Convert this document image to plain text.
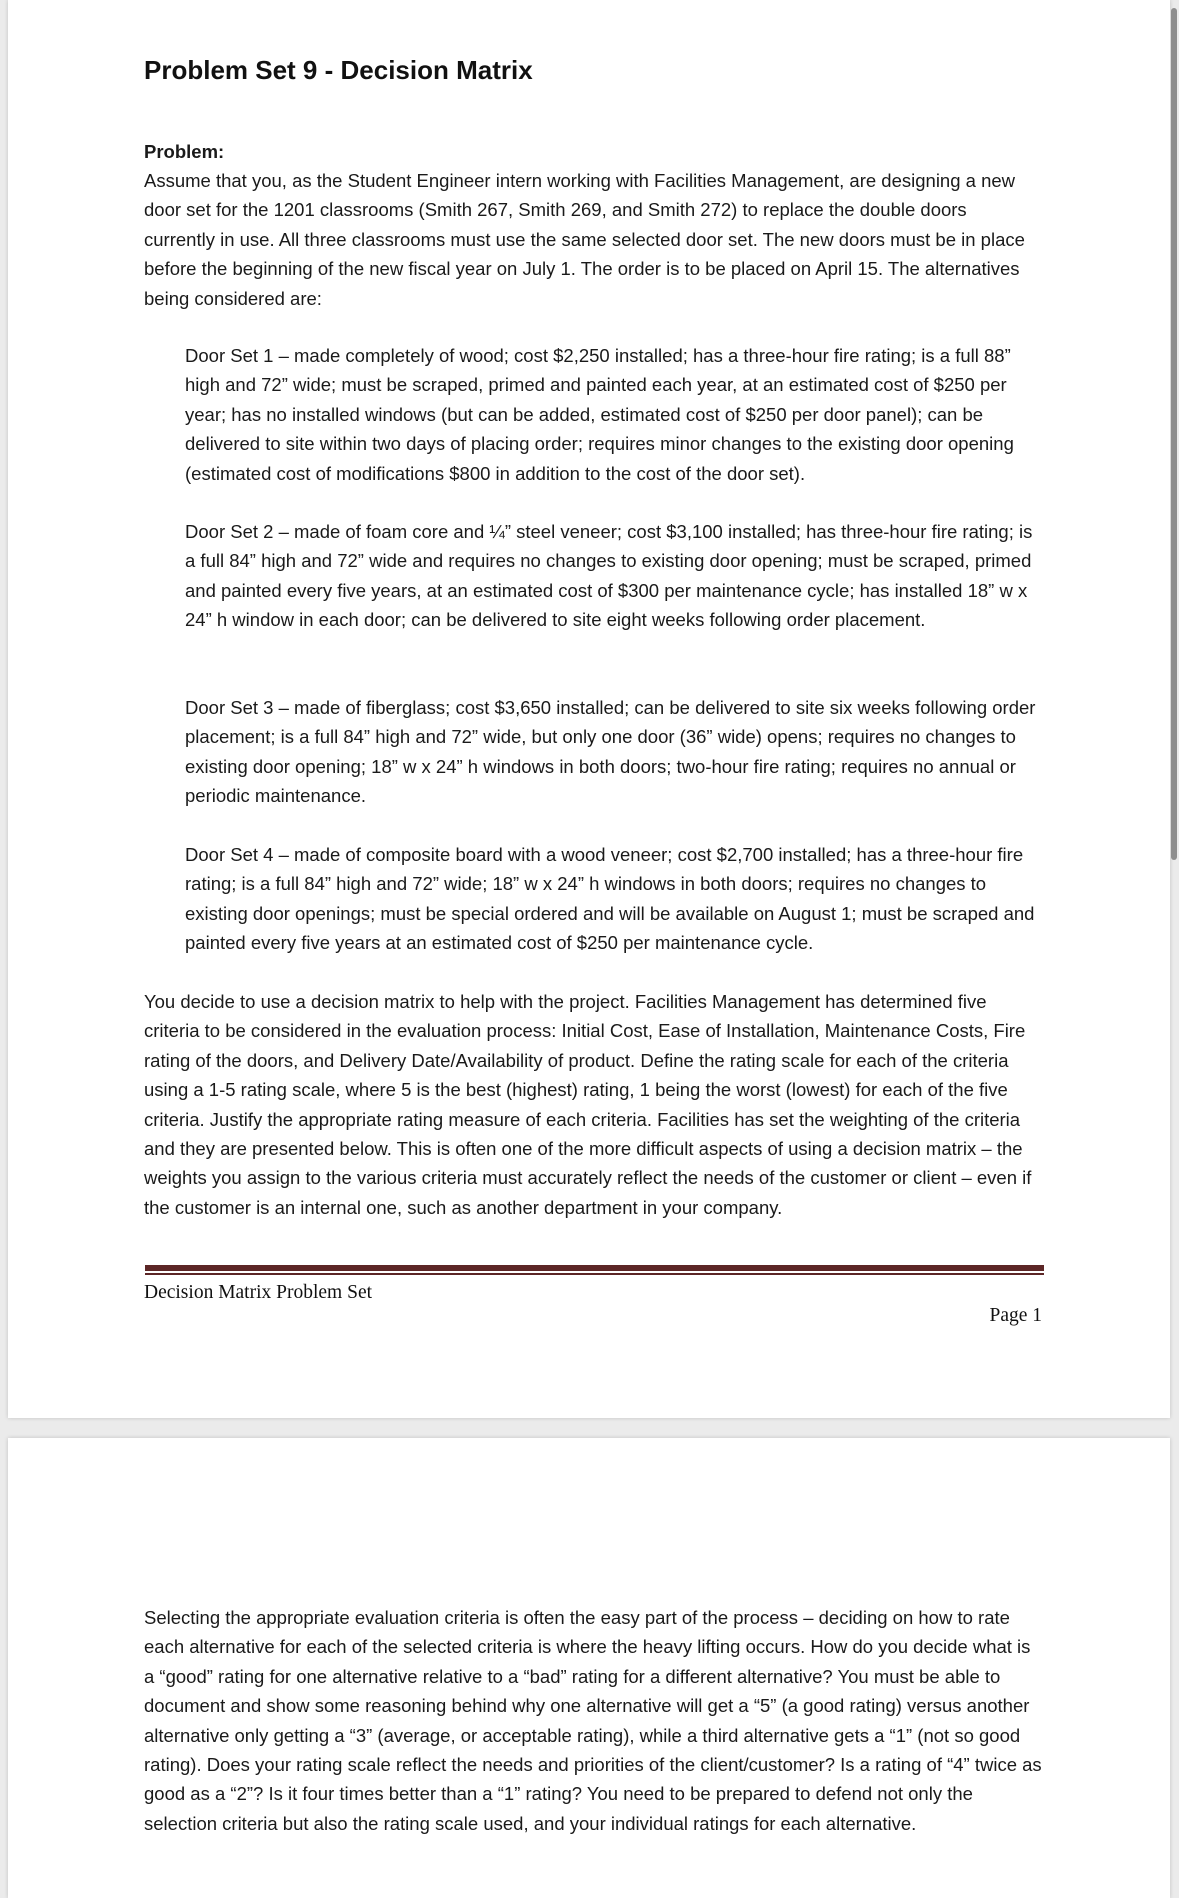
Problem Set 9 - Decision Matrix

Problem:

Assume that you, as the Student Engineer intern working with Facilities Management, are designing a new door set for the 1201 classrooms (Smith 267, Smith 269, and Smith 272) to replace the double doors currently in use. All three classrooms must use the same selected door set. The new doors must be in place before the beginning of the new fiscal year on July 1. The order is to be placed on April 15. The alternatives being considered are:

Door Set 1 – made completely of wood; cost $2,250 installed; has a three-hour fire rating; is a full 88” high and 72” wide; must be scraped, primed and painted each year, at an estimated cost of $250 per year; has no installed windows (but can be added, estimated cost of $250 per door panel); can be delivered to site within two days of placing order; requires minor changes to the existing door opening (estimated cost of modifications $800 in addition to the cost of the door set).

Door Set 2 – made of foam core and ¼” steel veneer; cost $3,100 installed; has three-hour fire rating; is a full 84” high and 72” wide and requires no changes to existing door opening; must be scraped, primed and painted every five years, at an estimated cost of $300 per maintenance cycle; has installed 18” w x 24” h window in each door; can be delivered to site eight weeks following order placement.

Door Set 3 – made of fiberglass; cost $3,650 installed; can be delivered to site six weeks following order placement; is a full 84” high and 72” wide, but only one door (36” wide) opens; requires no changes to existing door opening; 18” w x 24” h windows in both doors; two-hour fire rating; requires no annual or periodic maintenance.

Door Set 4 – made of composite board with a wood veneer; cost $2,700 installed; has a three-hour fire rating; is a full 84” high and 72” wide; 18” w x 24” h windows in both doors; requires no changes to existing door openings; must be special ordered and will be available on August 1; must be scraped and painted every five years at an estimated cost of $250 per maintenance cycle.

You decide to use a decision matrix to help with the project. Facilities Management has determined five criteria to be considered in the evaluation process: Initial Cost, Ease of Installation, Maintenance Costs, Fire rating of the doors, and Delivery Date/Availability of product. Define the rating scale for each of the criteria using a 1-5 rating scale, where 5 is the best (highest) rating, 1 being the worst (lowest) for each of the five criteria. Justify the appropriate rating measure of each criteria. Facilities has set the weighting of the criteria and they are presented below. This is often one of the more difficult aspects of using a decision matrix – the weights you assign to the various criteria must accurately reflect the needs of the customer or client – even if the customer is an internal one, such as another department in your company.

Decision Matrix Problem Set

Page 1

Selecting the appropriate evaluation criteria is often the easy part of the process – deciding on how to rate each alternative for each of the selected criteria is where the heavy lifting occurs. How do you decide what is a “good” rating for one alternative relative to a “bad” rating for a different alternative? You must be able to document and show some reasoning behind why one alternative will get a “5” (a good rating) versus another alternative only getting a “3” (average, or acceptable rating), while a third alternative gets a “1” (not so good rating). Does your rating scale reflect the needs and priorities of the client/customer? Is a rating of “4” twice as good as a “2”? Is it four times better than a “1” rating? You need to be prepared to defend not only the selection criteria but also the rating scale used, and your individual ratings for each alternative.
